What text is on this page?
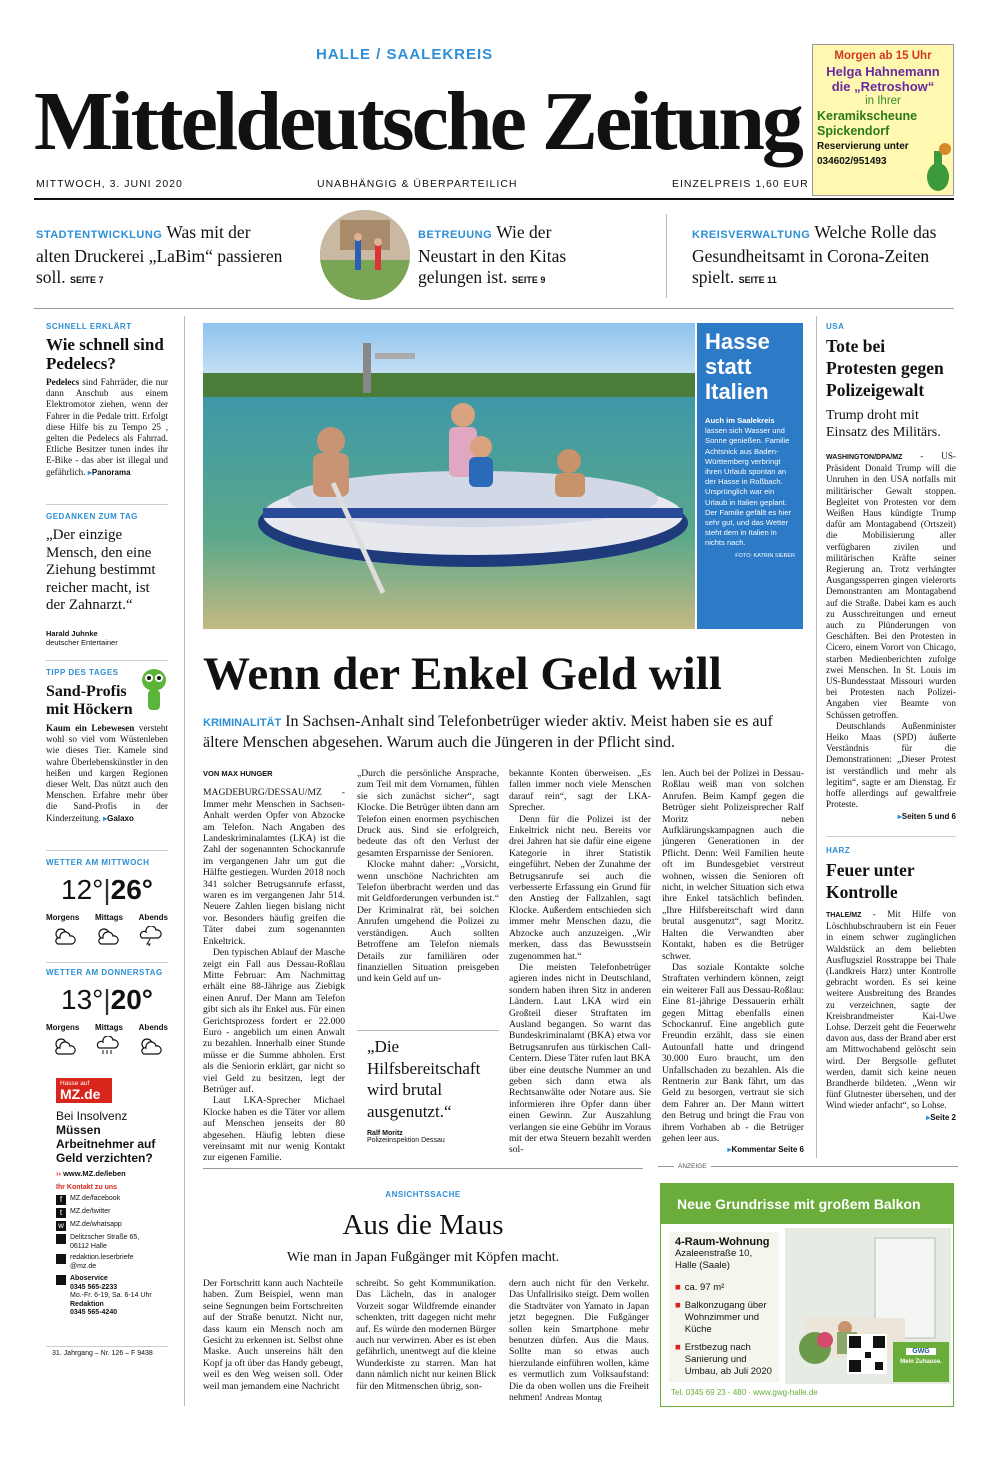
HALLE / SAALEKREIS
Mitteldeutsche Zeitung
MITTWOCH, 3. JUNI 2020	UNABHÄNGIG & ÜBERPARTEILICH	EINZELPREIS 1,60 EUR
Morgen ab 15 Uhr
Helga Hahnemann
die „Retroshow“
in Ihrer
Keramikscheune
Spickendorf
Reservierung unter
034602/951493
STADTENTWICKLUNG Was mit der alten Druckerei „LaBim“ passieren soll. SEITE 7
BETREUUNG Wie der Neustart in den Kitas gelungen ist. SEITE 9
KREISVERWALTUNG Welche Rolle das Gesundheitsamt in Corona-Zeiten spielt. SEITE 11
SCHNELL ERKLÄRT
Wie schnell sind Pedelecs?
Pedelecs sind Fahrräder, die nur dann Anschub aus einem Elektromotor ziehen, wenn der Fahrer in die Pedale tritt. Erfolgt diese Hilfe bis zu Tempo 25 , gelten die Pedelecs als Fahrrad. Etliche Besitzer tunen indes ihr E-Bike - das aber ist illegal und gefährlich. ▸ Panorama
GEDANKEN ZUM TAG
„Der einzige Mensch, den eine Ziehung bestimmt reicher macht, ist der Zahnarzt.“
Harald Juhnke
deutscher Entertainer
TIPP DES TAGES
Sand-Profis mit Höckern
Kaum ein Lebewesen versteht wohl so viel vom Wüstenleben wie dieses Tier. Kamele sind wahre Überlebenskünstler in den heißen und kargen Regionen dieser Welt. Das nützt auch den Menschen. Erfahre mehr über die Sand-Profis in der Kinderzeitung. ▸ Galaxo
WETTER AM MITTWOCH
12°|26°
Morgens Mittags Abends
WETTER AM DONNERSTAG
13°|20°
Morgens Mittags Abends
Hasse auf
MZ.de
Bei Insolvenz
Müssen Arbeitnehmer auf Geld verzichten?
›› www.MZ.de/leben
Ihr Kontakt zu uns
f	MZ.de/facebook
t	MZ.de/twitter
w MZ.de/whatsapp
Delitzscher Straße 65, 06112 Halle
redaktion.leserbriefe @mz.de
Aboservice
0345 565-2233
Mo.-Fr. 6-19, Sa. 6-14 Uhr
Redaktion
0345 565-4240
31. Jahrgang – Nr. 126 – F 9438
Hasse statt Italien
Auch im Saalekreis lassen sich Wasser und Sonne genießen. Familie Achtsnick aus Baden-Württemberg verbringt ihren Urlaub spontan an der Hasse in Roßbach. Ursprünglich war ein Urlaub in Italien geplant. Der Familie gefällt es hier sehr gut, und das Wetter steht dem in Italien in nichts nach.
FOTO: KATRIN SIEBER
Wenn der Enkel Geld will
KRIMINALITÄT In Sachsen-Anhalt sind Telefonbetrüger wieder aktiv. Meist haben sie es auf ältere Menschen abgesehen. Warum auch die Jüngeren in der Pflicht sind.
VON MAX HUNGER

MAGDEBURG/DESSAU/MZ - Immer mehr Menschen in Sachsen-Anhalt werden Opfer von Abzocke am Telefon. Nach Angaben des Landeskriminalamtes (LKA) ist die Zahl der sogenannten Schockanrufe im vergangenen Jahr um gut die Hälfte gestiegen. Wurden 2018 noch 341 solcher Betrugsanrufe erfasst, waren es im vergangenen Jahr 514. Neuere Zahlen liegen bislang nicht vor. Besonders häufig greifen die Täter dabei zum sogenannten Enkeltrick.

Den typischen Ablauf der Masche zeigt ein Fall aus Dessau-Roßlau Mitte Februar: Am Nachmittag erhält eine 88-Jährige aus Ziebigk einen Anruf. Der Mann am Telefon gibt sich als ihr Enkel aus. Für einen Gerichtsprozess fordert er 22.000 Euro - angeblich um einen Anwalt zu bezahlen. Innerhalb einer Stunde müsse er die Summe abholen. Erst als die Seniorin erklärt, gar nicht so viel Geld zu besitzen, legt der Betrüger auf.

Laut LKA-Sprecher Michael Klocke haben es die Täter vor allem auf Menschen jenseits der 80 abgesehen. Häufig lebten diese vereinsamt mit nur wenig Kontakt zur eigenen Familie.

„Durch die persönliche Ansprache, zum Teil mit dem Vornamen, fühlen sie sich zunächst sicher“, sagt Klocke. Die Betrüger übten dann am Telefon einen enormen psychischen Druck aus. Sind sie erfolgreich, bedeute das oft den Verlust der gesamten Ersparnisse der Senioren.

Klocke mahnt daher: „Vorsicht, wenn unschöne Nachrichten am Telefon überbracht werden und das mit Geldforderungen verbunden ist.“ Der Kriminalrat rät, bei solchen Anrufen umgehend die Polizei zu verständigen. Auch sollten Betroffene am Telefon niemals Details zur familiären oder finanziellen Situation preisgeben und kein Geld auf un-

„Die Hilfsbereitschaft wird brutal ausgenutzt.“
Ralf Moritz
Polizeiinspektion Dessau

bekannte Konten überweisen. „Es fallen immer noch viele Menschen darauf rein“, sagt der LKA-Sprecher.

Denn für die Polizei ist der Enkeltrick nicht neu. Bereits vor drei Jahren hat sie dafür eine eigene Kategorie in ihrer Statistik eingeführt. Neben der Zunahme der Betrugsanrufe sei auch die verbesserte Erfassung ein Grund für den Anstieg der Fallzahlen, sagt Klocke. Außerdem entschieden sich immer mehr Menschen dazu, die Abzocke auch anzuzeigen. „Wir merken, dass das Bewusstsein zugenommen hat.“

Die meisten Telefonbetrüger agieren indes nicht in Deutschland, sondern haben ihren Sitz in anderen Ländern. Laut LKA wird ein Großteil dieser Straftaten im Ausland begangen. So warnt das Bundeskriminalamt (BKA) etwa vor Betrugsanrufen aus türkischen Call-Centern. Diese Täter rufen laut BKA über eine deutsche Nummer an und geben sich dann etwa als Rechtsanwälte oder Notare aus. Sie informieren ihre Opfer dann über einen Gewinn. Zur Auszahlung verlangen sie eine Gebühr im Voraus mit der etwa Steuern bezahlt werden sol-

len. Auch bei der Polizei in Dessau-Roßlau weiß man von solchen Anrufen. Beim Kampf gegen die Betrüger sieht Polizeisprecher Ralf Moritz neben Aufklärungskampagnen auch die jüngeren Generationen in der Pflicht. Denn: Weil Familien heute oft im Bundesgebiet verstreut wohnen, wissen die Senioren oft nicht, in welcher Situation sich etwa ihre Enkel tatsächlich befinden. „Ihre Hilfsbereitschaft wird dann brutal ausgenutzt“, sagt Moritz. Halten die Verwandten aber Kontakt, haben es die Betrüger schwer.

Das soziale Kontakte solche Straftaten verhindern können, zeigt ein weiterer Fall aus Dessau-Roßlau: Eine 81-jährige Dessauerin erhält gegen Mittag ebenfalls einen Schockanruf. Eine angeblich gute Freundin erzählt, dass sie einen Autounfall hatte und dringend 30.000 Euro braucht, um den Unfallschaden zu bezahlen. Als die Rentnerin zur Bank fährt, um das Geld zu besorgen, vertraut sie sich dem Fahrer an. Der Mann wittert den Betrug und bringt die Frau von ihrem Vorhaben ab - die Betrüger gehen leer aus.

▸ Kommentar Seite 6
USA
Tote bei Protesten gegen Polizeigewalt
Trump droht mit Einsatz des Militärs.

WASHINGTON/DPA/MZ - US-Präsident Donald Trump will die Unruhen in den USA notfalls mit militärischer Gewalt stoppen. Begleitet von Protesten vor dem Weißen Haus kündigte Trump dafür am Montagabend (Ortszeit) die Mobilisierung aller verfügbaren zivilen und militärischen Kräfte seiner Regierung an. Trotz verhängter Ausgangssperren gingen vielerorts Demonstranten am Montagabend auf die Straße. Dabei kam es auch zu Ausschreitungen und erneut auch zu Plünderungen von Geschäften. Bei den Protesten in Cicero, einem Vorort von Chicago, starben Medienberichten zufolge zwei Menschen. In St. Louis im US-Bundesstaat Missouri wurden bei Protesten nach Polizei-Angaben vier Beamte von Schüssen getroffen.

Deutschlands Außenminister Heiko Maas (SPD) äußerte Verständnis für die Demonstrationen: „Dieser Protest ist verständlich und mehr als legitim“, sagte er am Dienstag. Er hoffe allerdings auf gewaltfreie Proteste.

▸ Seiten 5 und 6
HARZ
Feuer unter Kontrolle

THALE/MZ - Mit Hilfe von Löschhubschraubern ist ein Feuer in einem schwer zugänglichen Waldstück an dem beliebten Ausflugsziel Rosstrappe bei Thale (Landkreis Harz) unter Kontrolle gebracht worden. Es sei keine weitere Ausbreitung des Brandes zu verzeichnen, sagte der Kreisbrandmeister Kai-Uwe Lohse. Derzeit geht die Feuerwehr davon aus, dass der Brand aber erst am Mittwochabend gelöscht sein wird. Der Bergsolle geflutet werden, damit sich keine neuen Brandherde bildeten. „Wenn wir fünf Glutnester übersehen, und der Wind wieder anfacht“, so Lohse.

▸ Seite 2
ANSICHTSSACHE
Aus die Maus
Wie man in Japan Fußgänger mit Köpfen macht.
Der Fortschritt kann auch Nachteile haben. Zum Beispiel, wenn man seine Segnungen beim Fortschreiten auf der Straße benutzt. Nicht nur, dass kaum ein Mensch noch am Gesicht zu erkennen ist. Selbst ohne Maske. Auch unsereins hält den Kopf ja oft über das Handy gebeugt, weil es den Weg weisen soll. Oder weil man jemandem eine Nachricht
schreibt. So geht Kommunikation. Das Lächeln, das in analoger Vorzeit sogar Wildfremde einander schenkten, tritt dagegen nicht mehr auf. Es würde den modernen Bürger auch nur verwirren. Aber es ist eben gefährlich, unentwegt auf die kleine Wunderkiste zu starren. Man hat dann nämlich nicht nur keinen Blick für den Mitmenschen übrig, son-
dern auch nicht für den Verkehr. Das Unfallrisiko steigt. Dem wollen die Stadtväter von Yamato in Japan jetzt begegnen. Die Fußgänger sollen kein Smartphone mehr benutzen dürfen. Aus die Maus. Sollte man so etwas auch hierzulande einführen wollen, käme es vermutlich zum Volksaufstand: Die da oben wollen uns die Freiheit nehmen! Andreas Montag
ANZEIGE
Neue Grundrisse mit großem Balkon
4-Raum-Wohnung
Azaleenstraße 10,
Halle (Saale)
■ ca. 97 m²
■ Balkonzugang über Wohnzimmer und Küche
■ Erstbezug nach Sanierung und Umbau, ab Juli 2020
GWG
Mein Zuhause.
Tel. 0345 69 23 - 480 · www.gwg-halle.de
